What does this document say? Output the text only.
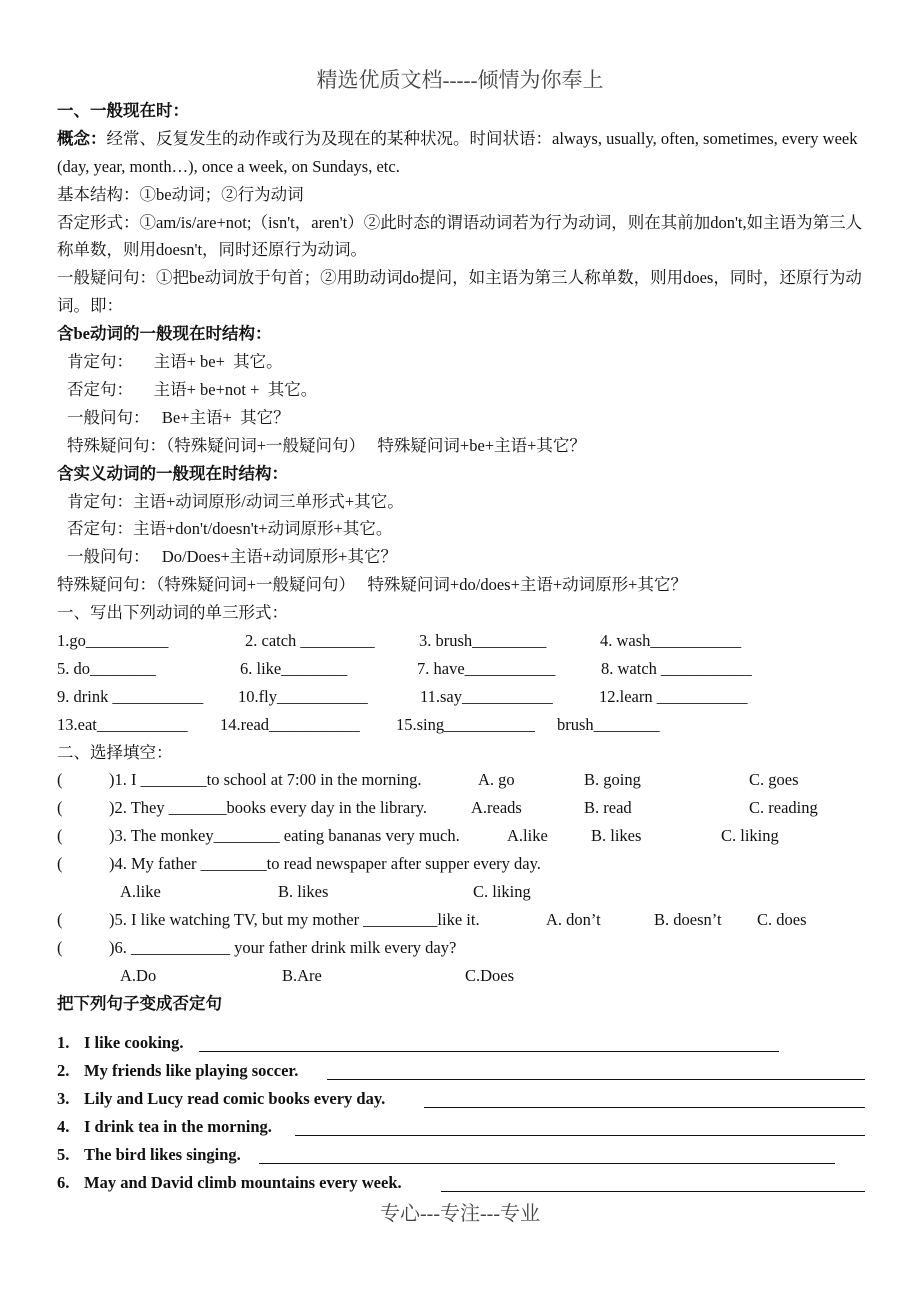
精选优质文档-----倾情为你奉上
一、一般现在时：
概念：经常、反复发生的动作或行为及现在的某种状况。时间状语：always, usually, often, sometimes, every week (day, year, month…), once a week, on Sundays, etc.
基本结构：①be动词；②行为动词
否定形式：①am/is/are+not;（isn't，aren't）②此时态的谓语动词若为行为动词，则在其前加don't,如主语为第三人称单数，则用doesn't，同时还原行为动词。
一般疑问句：①把be动词放于句首；②用助动词do提问，如主语为第三人称单数，则用does，同时，还原行为动词。即：
含be动词的一般现在时结构：
肯定句：     主语+ be+  其它。
否定句：     主语+ be+not +  其它。
一般问句：   Be+主语+  其它？
特殊疑问句：（特殊疑问词+一般疑问句）   特殊疑问词+be+主语+其它？
含实义动词的一般现在时结构：
肯定句：主语+动词原形/动词三单形式+其它。
否定句：主语+don't/doesn't+动词原形+其它。
一般问句：   Do/Does+主语+动词原形+其它？
特殊疑问句：（特殊疑问词+一般疑问句）   特殊疑问词+do/does+主语+动词原形+其它？
一、写出下列动词的单三形式：
1.go__________	2. catch _________	3. brush_________	4. wash___________
5. do________	6. like________	7. have___________	8. watch ___________
9. drink ___________ 10.fly___________	11.say___________	12.learn ___________
13.eat___________ 14.read___________ 15.sing___________ brush________
二、选择填空：
(	)1. I ________to school at 7:00 in the morning.	A. go	B. going	C. goes
(	)2. They _______books every day in the library.	A.reads	B. read	C. reading
(	)3. The monkey________ eating bananas very much.	A.like	B. likes	C. liking
(	)4. My father ________to read newspaper after supper every day.
A.like	B. likes	C. liking
(	)5. I like watching TV, but my mother _________like it.	A. don’t	B. doesn’t C. does
(	)6. ____________ your father drink milk every day?
A.Do	B.Are	C.Does
把下列句子变成否定句
1. I like cooking.
2. My friends like playing soccer.
3. Lily and Lucy read comic books every day.
4. I drink tea in the morning.
5. The bird likes singing.
6. May and David climb mountains every week.
专心---专注---专业
